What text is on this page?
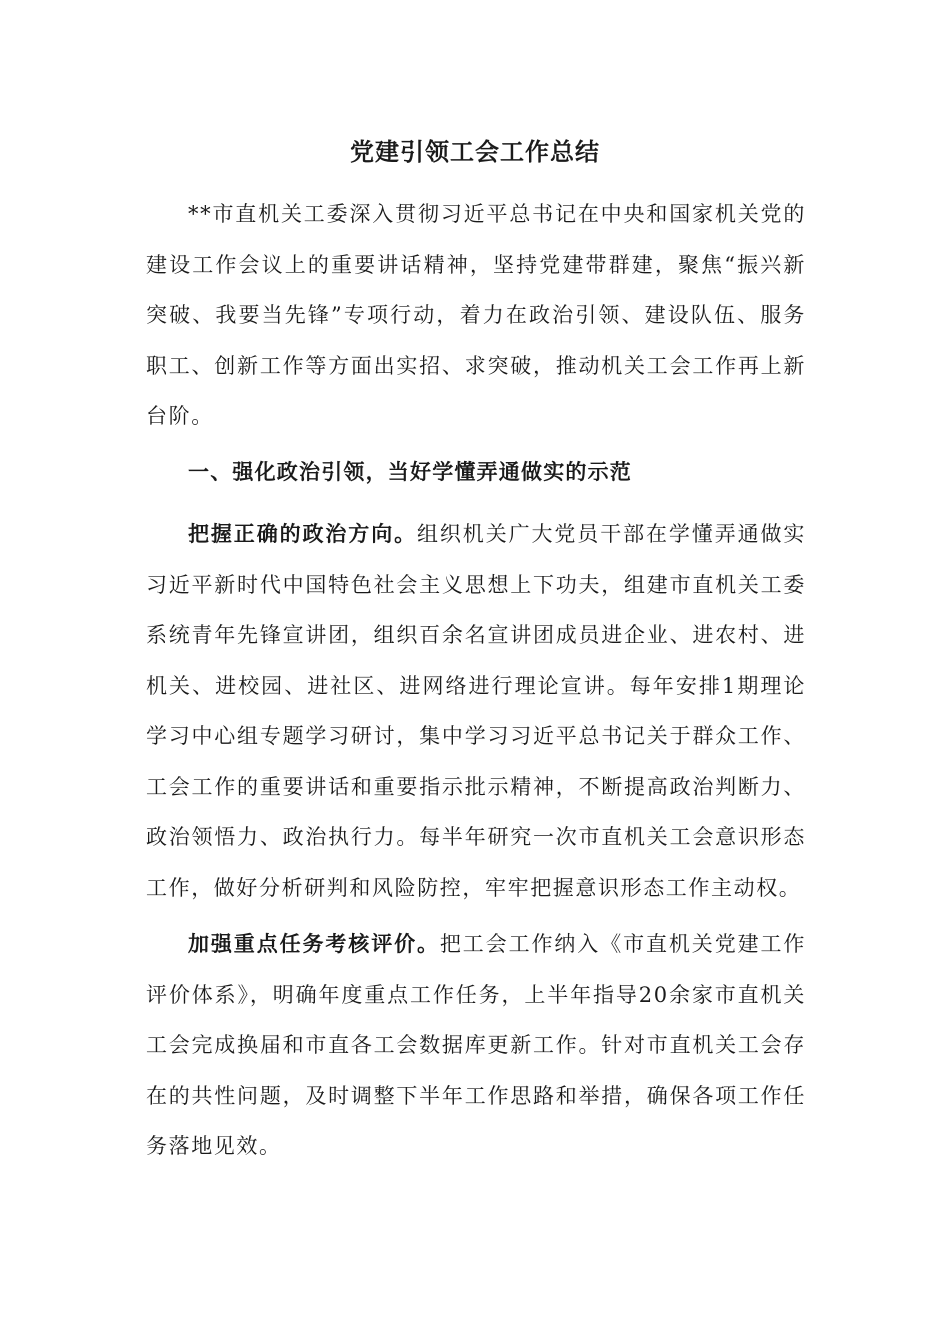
党建引领工会工作总结

**市直机关工委深入贯彻习近平总书记在中央和国家机关党的建设工作会议上的重要讲话精神，坚持党建带群建，聚焦“振兴新突破、我要当先锋”专项行动，着力在政治引领、建设队伍、服务职工、创新工作等方面出实招、求突破，推动机关工会工作再上新台阶。

一、强化政治引领，当好学懂弄通做实的示范

把握正确的政治方向。组织机关广大党员干部在学懂弄通做实习近平新时代中国特色社会主义思想上下功夫，组建市直机关工委系统青年先锋宣讲团，组织百余名宣讲团成员进企业、进农村、进机关、进校园、进社区、进网络进行理论宣讲。每年安排1期理论学习中心组专题学习研讨，集中学习习近平总书记关于群众工作、工会工作的重要讲话和重要指示批示精神，不断提高政治判断力、政治领悟力、政治执行力。每半年研究一次市直机关工会意识形态工作，做好分析研判和风险防控，牢牢把握意识形态工作主动权。

加强重点任务考核评价。把工会工作纳入《市直机关党建工作评价体系》，明确年度重点工作任务，上半年指导20余家市直机关工会完成换届和市直各工会数据库更新工作。针对市直机关工会存在的共性问题，及时调整下半年工作思路和举措，确保各项工作任务落地见效。
